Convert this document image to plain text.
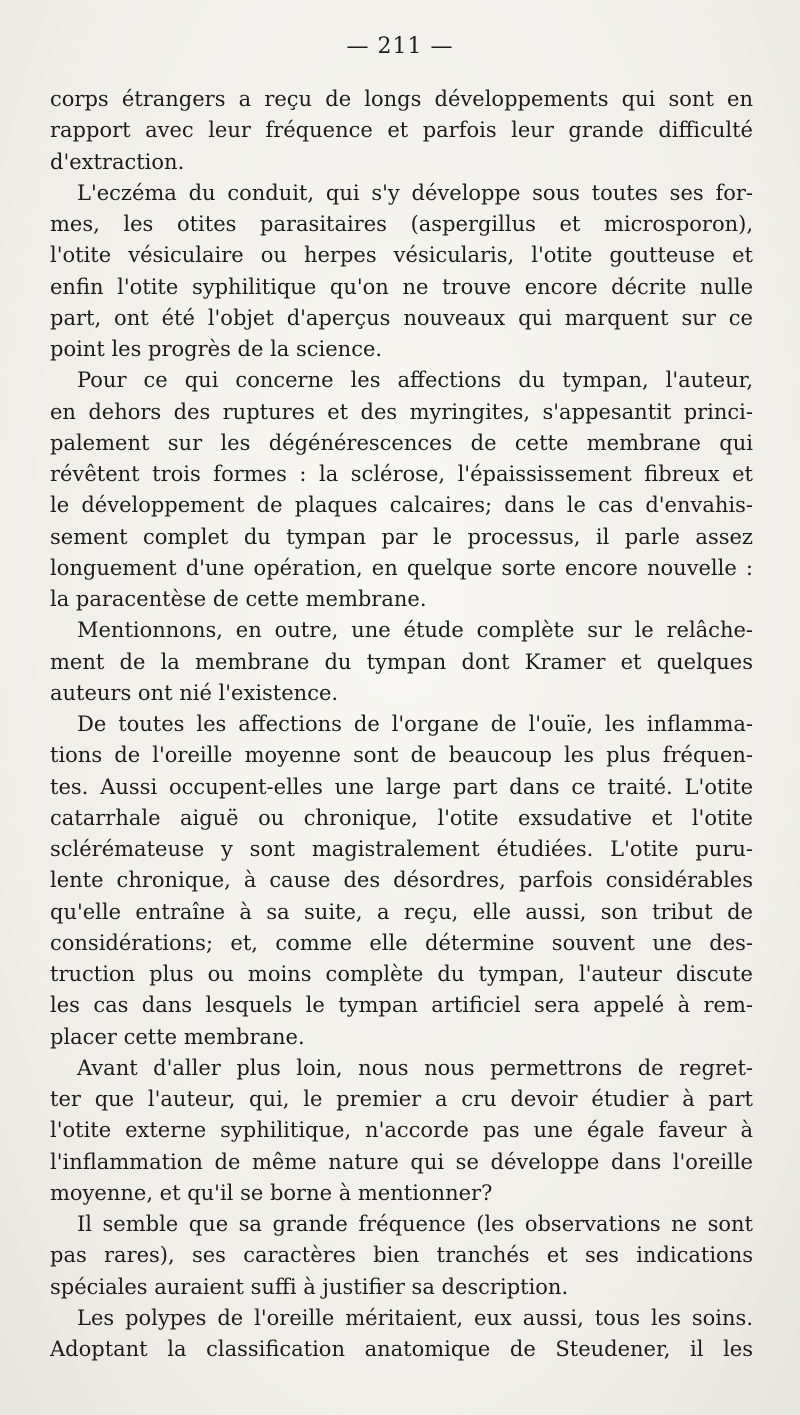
— 211 —
corps étrangers a reçu de longs développements qui sont en
rapport avec leur fréquence et parfois leur grande difficulté
d'extraction.
L'eczéma du conduit, qui s'y développe sous toutes ses for-
mes, les otites parasitaires (aspergillus et microsporon),
l'otite vésiculaire ou herpes vésicularis, l'otite goutteuse et
enfin l'otite syphilitique qu'on ne trouve encore décrite nulle
part, ont été l'objet d'aperçus nouveaux qui marquent sur ce
point les progrès de la science.
Pour ce qui concerne les affections du tympan, l'auteur,
en dehors des ruptures et des myringites, s'appesantit princi-
palement sur les dégénérescences de cette membrane qui
révêtent trois formes : la sclérose, l'épaississement fibreux et
le développement de plaques calcaires; dans le cas d'envahis-
sement complet du tympan par le processus, il parle assez
longuement d'une opération, en quelque sorte encore nouvelle :
la paracentèse de cette membrane.
Mentionnons, en outre, une étude complète sur le relâche-
ment de la membrane du tympan dont Kramer et quelques
auteurs ont nié l'existence.
De toutes les affections de l'organe de l'ouïe, les inflamma-
tions de l'oreille moyenne sont de beaucoup les plus fréquen-
tes. Aussi occupent-elles une large part dans ce traité. L'otite
catarrhale aiguë ou chronique, l'otite exsudative et l'otite
sclérémateuse y sont magistralement étudiées. L'otite puru-
lente chronique, à cause des désordres, parfois considérables
qu'elle entraîne à sa suite, a reçu, elle aussi, son tribut de
considérations; et, comme elle détermine souvent une des-
truction plus ou moins complète du tympan, l'auteur discute
les cas dans lesquels le tympan artificiel sera appelé à rem-
placer cette membrane.
Avant d'aller plus loin, nous nous permettrons de regret-
ter que l'auteur, qui, le premier a cru devoir étudier à part
l'otite externe syphilitique, n'accorde pas une égale faveur à
l'inflammation de même nature qui se développe dans l'oreille
moyenne, et qu'il se borne à mentionner?
Il semble que sa grande fréquence (les observations ne sont
pas rares), ses caractères bien tranchés et ses indications
spéciales auraient suffi à justifier sa description.
Les polypes de l'oreille méritaient, eux aussi, tous les soins.
Adoptant la classification anatomique de Steudener, il les
